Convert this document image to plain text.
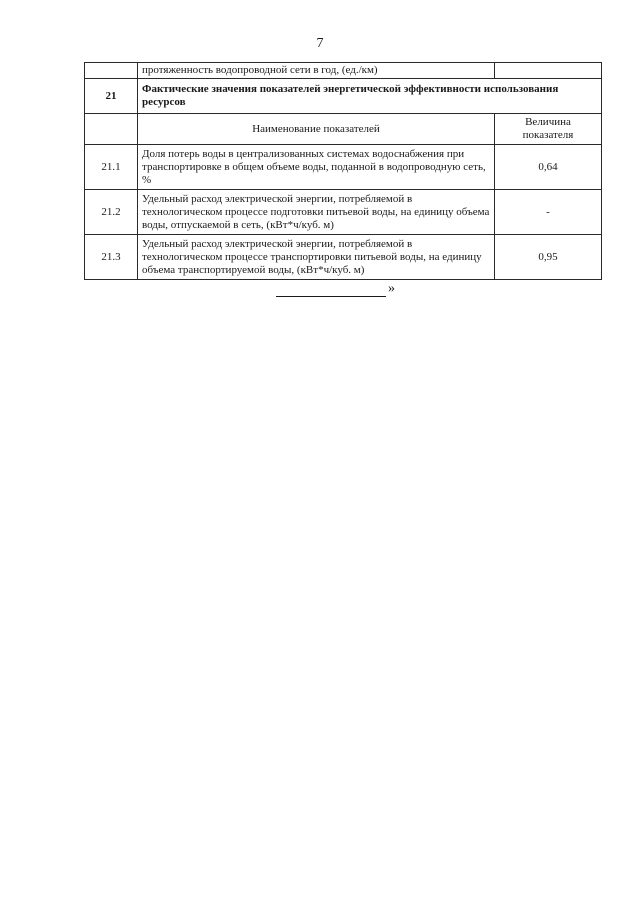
7
	протяженность водопроводной сети в год, (ед./км)	
21	Фактические значения показателей энергетической эффективности использования ресурсов	
	Наименование показателей	Величина показателя
21.1	Доля потерь воды в централизованных системах водоснабжения при транспортировке в общем объеме воды, поданной в водопроводную сеть, %	0,64
21.2	Удельный расход электрической энергии, потребляемой в технологическом процессе подготовки питьевой воды, на единицу объема воды, отпускаемой в сеть, (кВт*ч/куб. м)	-
21.3	Удельный расход электрической энергии, потребляемой в технологическом процессе транспортировки питьевой воды, на единицу объема транспортируемой воды, (кВт*ч/куб. м)	0,95
»
